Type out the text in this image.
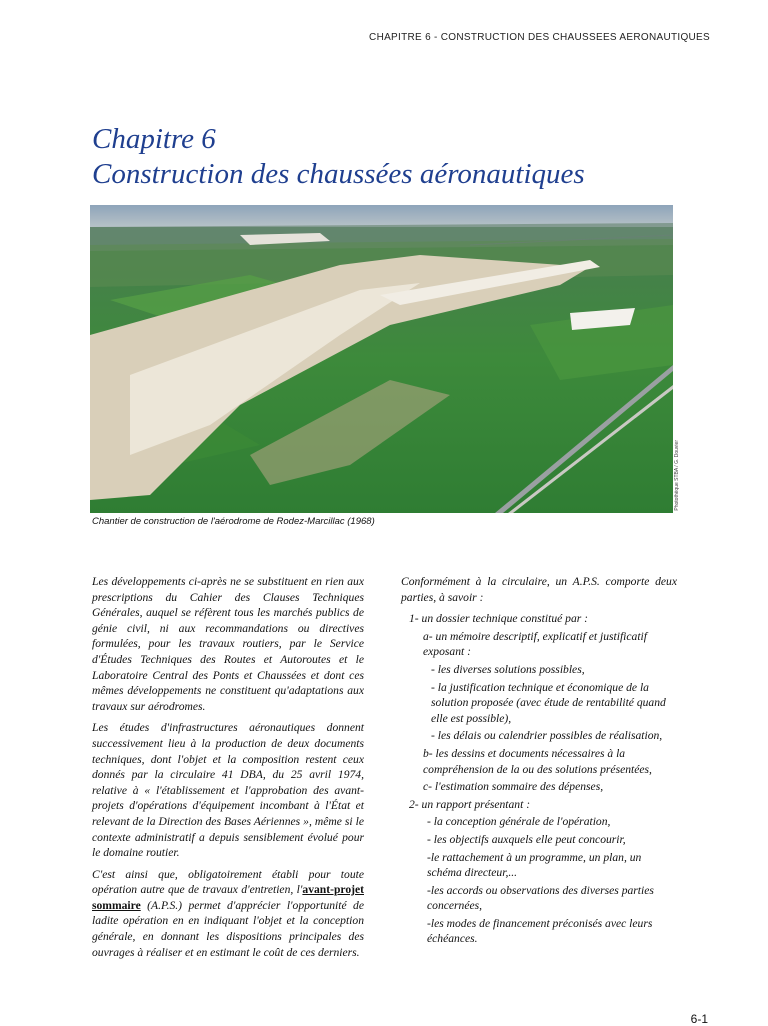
CHAPITRE 6 - CONSTRUCTION DES CHAUSSEES AERONAUTIQUES
Chapitre 6
Construction des chaussées aéronautiques
Photothèque STBA / G. Douvier
Chantier de construction de l'aérodrome de Rodez-Marcillac (1968)

Les développements ci-après ne se substituent en rien aux prescriptions du Cahier des Clauses Techniques Générales, auquel se réfèrent tous les marchés publics de génie civil, ni aux recommandations ou directives formulées, pour les travaux routiers, par le Service d'Études Techniques des Routes et Autoroutes et le Laboratoire Central des Ponts et Chaussées et dont ces mêmes développements ne constituent qu'adaptations aux travaux sur aérodromes.

Les études d'infrastructures aéronautiques donnent successivement lieu à la production de deux documents techniques, dont l'objet et la composition restent ceux donnés par la circulaire 41 DBA, du 25 avril 1974, relative à « l'établissement et l'approbation des avant-projets d'opérations d'équipement incombant à l'État et relevant de la Direction des Bases Aériennes », même si le contexte administratif a depuis sensiblement évolué pour le domaine routier.

C'est ainsi que, obligatoirement établi pour toute opération autre que de travaux d'entretien, l'avant-projet sommaire (A.P.S.) permet d'apprécier l'opportunité de ladite opération en en indiquant l'objet et la conception générale, en donnant les dispositions principales des ouvrages à réaliser et en estimant le coût de ces derniers.

Conformément à la circulaire, un A.P.S. comporte deux parties, à savoir :

1- un dossier technique constitué par :
a- un mémoire descriptif, explicatif et justificatif exposant :
- les diverses solutions possibles,
- la justification technique et économique de la solution proposée (avec étude de rentabilité quand elle est possible),
- les délais ou calendrier possibles de réalisation,
b- les dessins et documents nécessaires à la compréhension de la ou des solutions présentées,
c- l'estimation sommaire des dépenses,
2- un rapport présentant :
- la conception générale de l'opération,
- les objectifs auxquels elle peut concourir,
-le rattachement à un programme, un plan, un schéma directeur,...
-les accords ou observations des diverses parties concernées,
-les modes de financement préconisés avec leurs échéances.
6-1
